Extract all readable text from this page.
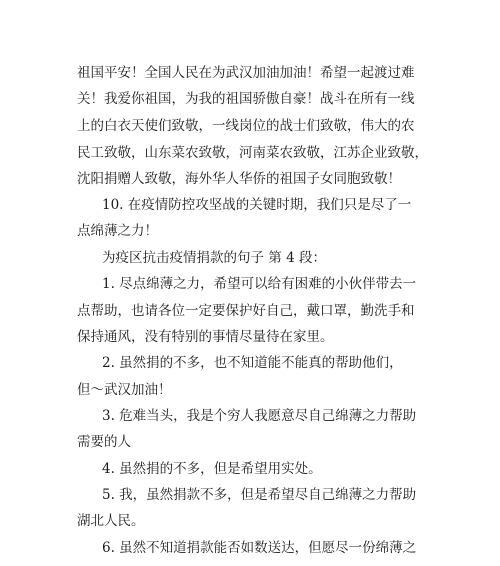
祖国平安！全国人民在为武汉加油加油！希望一起渡过难
关！我爱你祖国，为我的祖国骄傲自豪！战斗在所有一线
上的白衣天使们致敬，一线岗位的战士们致敬，伟大的农
民工致敬，山东菜农致敬，河南菜农致敬，江苏企业致敬，
沈阳捐赠人致敬，海外华人华侨的祖国子女同胞致敬！
10. 在疫情防控攻坚战的关键时期，我们只是尽了一
点绵薄之力！
为疫区抗击疫情捐款的句子 第 4 段：
1. 尽点绵薄之力，希望可以给有困难的小伙伴带去一
点帮助，也请各位一定要保护好自己，戴口罩，勤洗手和
保持通风，没有特别的事情尽量待在家里。
2. 虽然捐的不多，也不知道能不能真的帮助他们，
但～武汉加油！
3. 危难当头，我是个穷人我愿意尽自己绵薄之力帮助
需要的人
4. 虽然捐的不多，但是希望用实处。
5. 我，虽然捐款不多，但是希望尽自己绵薄之力帮助
湖北人民。
6. 虽然不知道捐款能否如数送达，但愿尽一份绵薄之
